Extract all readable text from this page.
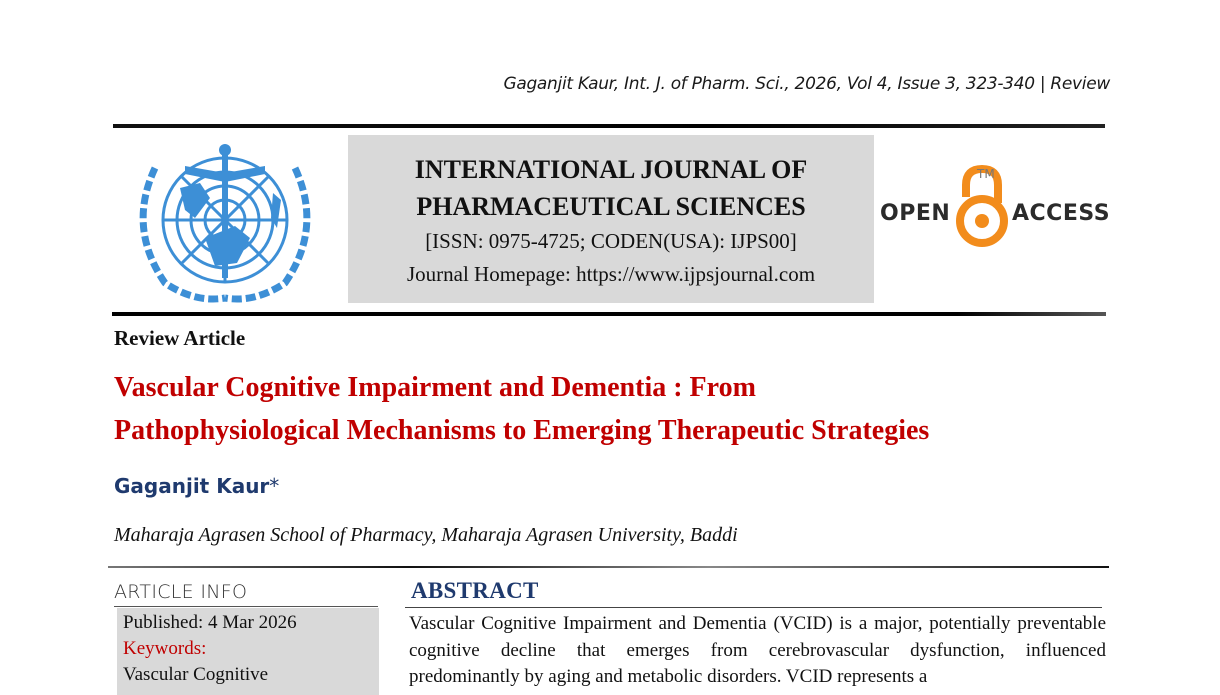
Gaganjit Kaur, Int. J. of Pharm. Sci., 2026, Vol 4, Issue 3, 323-340 | Review
INTERNATIONAL JOURNAL OF
PHARMACEUTICAL SCIENCES
[ISSN: 0975-4725; CODEN(USA): IJPS00]
Journal Homepage: https://www.ijpsjournal.com
OPEN
TM
ACCESS
Review Article
Vascular Cognitive Impairment and Dementia : From
Pathophysiological Mechanisms to Emerging Therapeutic Strategies
Gaganjit Kaur*
Maharaja Agrasen School of Pharmacy, Maharaja Agrasen University, Baddi
ARTICLE INFO
Published: 4 Mar 2026
Keywords:
Vascular Cognitive
ABSTRACT
Vascular Cognitive Impairment and Dementia (VCID) is a major, potentially preventable cognitive decline that emerges from cerebrovascular dysfunction, influenced predominantly by aging and metabolic disorders. VCID represents a
